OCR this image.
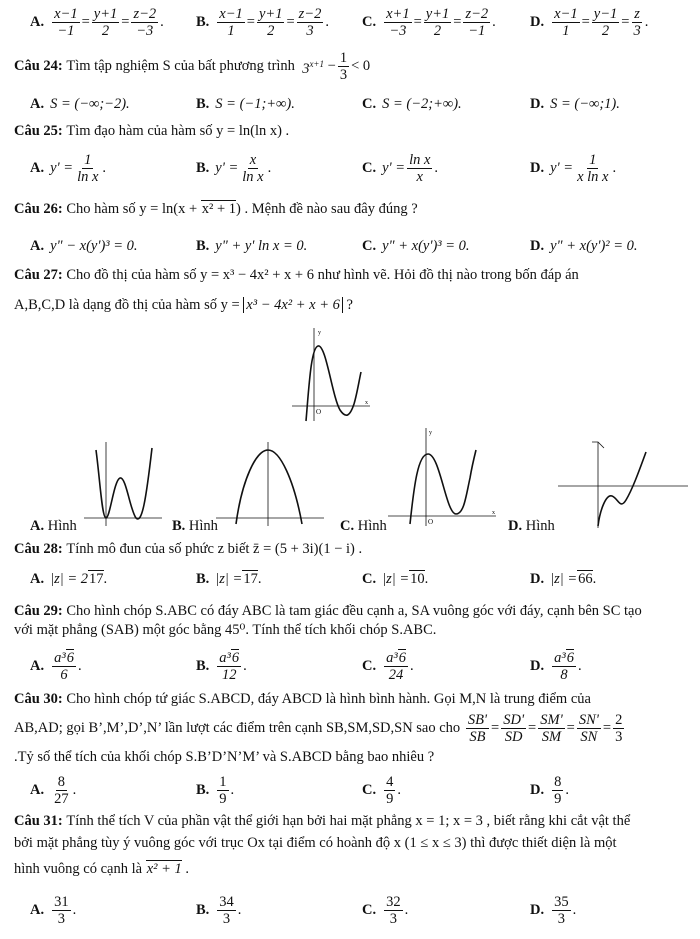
A. $\frac{x-1}{-1} = \frac{y+1}{2} = \frac{z-2}{-3}$ . B. $\frac{x-1}{1} = \frac{y+1}{2} = \frac{z-2}{3}$ . C. $\frac{x+1}{-3} = \frac{y+1}{2} = \frac{z-2}{-1}$ . D. $\frac{x-1}{1} = \frac{y-1}{2} = \frac{z}{3}$ .
Câu 24:
Tìm tập nghiệm S của bất phương trình
$3^{x+1}$
− $\frac{1}{3} < 0$
A. S = (−∞;−2).	B. S = (−1;+∞).	C. S = (−2;+∞).	D. S = (−∞;1).
Câu 25: Tìm đạo hàm của hàm số y = ln(ln x) .
A. $y' = \frac{1}{\text{ln x}}$ .	B. $y' = \frac{x}{\text{ln x}}$ .	C. $y' = \frac{\text{ln x}}{x}$ .	D. $y' = \frac{1}{\text{x ln x}}$ .
Câu 26: Cho hàm số y = ln(x + x² + 1) . Mệnh đề nào sau đây đúng ?
A. y" − x(y')³ = 0.	B. y" + y' ln x = 0.	C. y" + x(y')³ = 0.	D. y" + x(y')² = 0.
Câu 27: Cho đồ thị của hàm số y = x³ − 4x² + x + 6 như hình vẽ. Hỏi đồ thị nào trong bốn đáp án
A,B,C,D là dạng đồ thị của hàm số y = x³ − 4x² + x + 6 ?
y
x
O
A. Hình	B. Hình
x
y
O
C. Hình	D. Hình
Câu 28: Tính mô đun của số phức z biết z̄ = (5 + 3i)(1 − i) .
A. |z| = 2 17 .	B. |z| = 17 .	C. |z| = 10 .	D. |z| = 66 .
Câu 29: Cho hình chóp S.ABC có đáy ABC là tam giác đều cạnh a, SA vuông góc với đáy, cạnh bên SC tạo
với mặt phẳng (SAB) một góc bằng 45⁰. Tính thể tích khối chóp S.ABC.
A. a³6
6
.	B. a³6
12
.	C. a³6
24
.	D. a³6
8
.
Câu 30: Cho hình chóp tứ giác S.ABCD, đáy ABCD là hình bình hành. Gọi M,N là trung điểm của
AB,AD; gọi B’,M’,D’,N’ lần lượt các điểm trên cạnh SB,SM,SD,SN sao cho
$\frac{SB'}{SB} = \frac{SD'}{SD} = \frac{SM'}{SM} = \frac{SN'}{SN} = \frac{2}{3}$
.Tỷ số thể tích của khối chóp S.B’D’N’M’ và S.ABCD bằng bao nhiêu ?
A. 8
27
.	B. 1
9
.	C. 4
9
.	D. 8
9
.
Câu 31: Tính thể tích V của phần vật thể giới hạn bởi hai mặt phẳng x = 1; x = 3 , biết rằng khi cắt vật thể
bởi mặt phẳng tùy ý vuông góc với trục Ox tại điểm có hoành độ x (1 ≤ x ≤ 3) thì được thiết diện là một
hình vuông có cạnh là x² + 1 .
A. 31
3
.	B. 34
3
.	C. 32
3
.	D. 35
3
.
